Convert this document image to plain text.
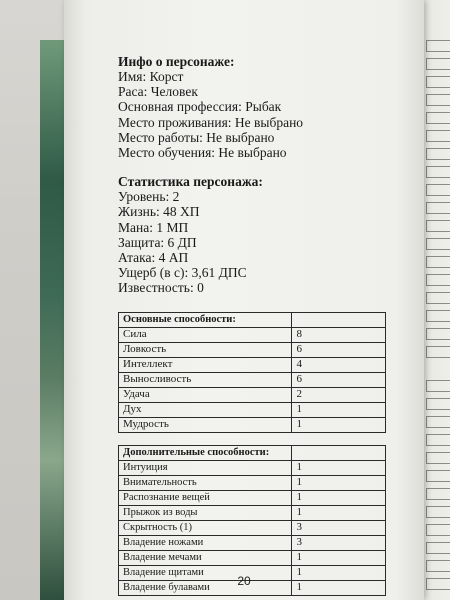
Инфо о персонаже:
Имя: Корст
Раса: Человек
Основная профессия: Рыбак
Место проживания: Не выбрано
Место работы: Не выбрано
Место обучения: Не выбрано
Статистика персонажа:
Уровень: 2
Жизнь: 48 ХП
Мана: 1 МП
Защита: 6 ДП
Атака: 4 АП
Ущерб (в с): 3,61 ДПС
Известность: 0
Основные способности:	
Сила	8
Ловкость	6
Интеллект	4
Выносливость	6
Удача	2
Дух	1
Мудрость	1
Дополнительные способности:	
Интуиция	1
Внимательность	1
Распознание вещей	1
Прыжок из воды	1
Скрытность (1)	3
Владение ножами	3
Владение мечами	1
Владение щитами	1
Владение булавами	1
20
